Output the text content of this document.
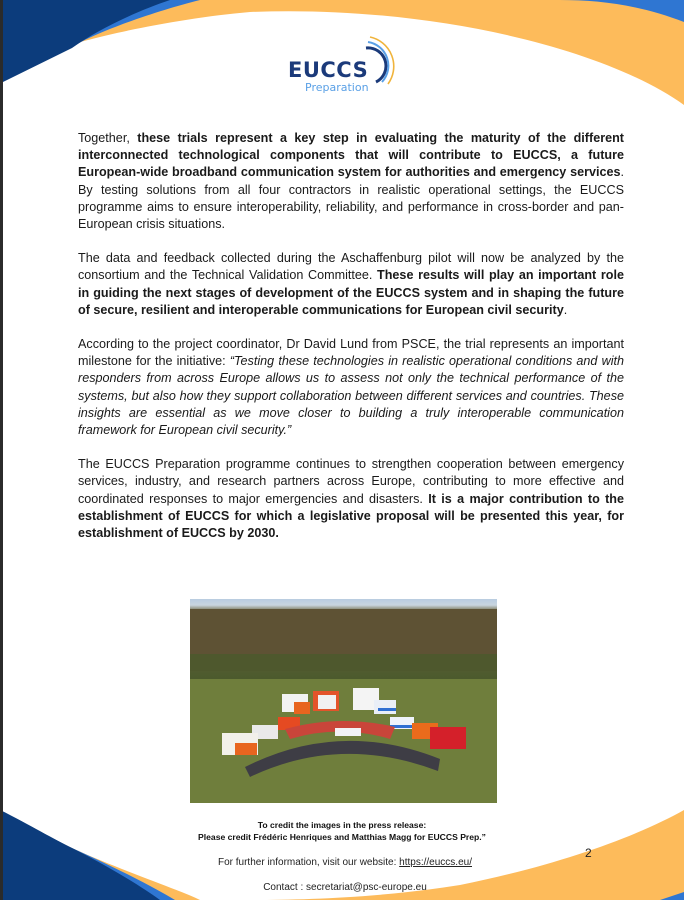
EUCCS
Preparation

Together, these trials represent a key step in evaluating the maturity of the different interconnected technological components that will contribute to EUCCS, a future European-wide broadband communication system for authorities and emergency services. By testing solutions from all four contractors in realistic operational settings, the EUCCS programme aims to ensure interoperability, reliability, and performance in cross-border and pan-European crisis situations.

The data and feedback collected during the Aschaffenburg pilot will now be analyzed by the consortium and the Technical Validation Committee. These results will play an important role in guiding the next stages of development of the EUCCS system and in shaping the future of secure, resilient and interoperable communications for European civil security.

According to the project coordinator, Dr David Lund from PSCE, the trial represents an important milestone for the initiative: “Testing these technologies in realistic operational conditions and with responders from across Europe allows us to assess not only the technical performance of the systems, but also how they support collaboration between different services and countries. These insights are essential as we move closer to building a truly interoperable communication framework for European civil security.”

The EUCCS Preparation programme continues to strengthen cooperation between emergency services, industry, and research partners across Europe, contributing to more effective and coordinated responses to major emergencies and disasters. It is a major contribution to the establishment of EUCCS for which a legislative proposal will be presented this year, for establishment of EUCCS by 2030.

To credit the images in the press release:
Please credit Frédéric Henriques and Matthias Magg for EUCCS Prep.”
For further information, visit our website: https://euccs.eu/
Contact : secretariat@psc-europe.eu
2
